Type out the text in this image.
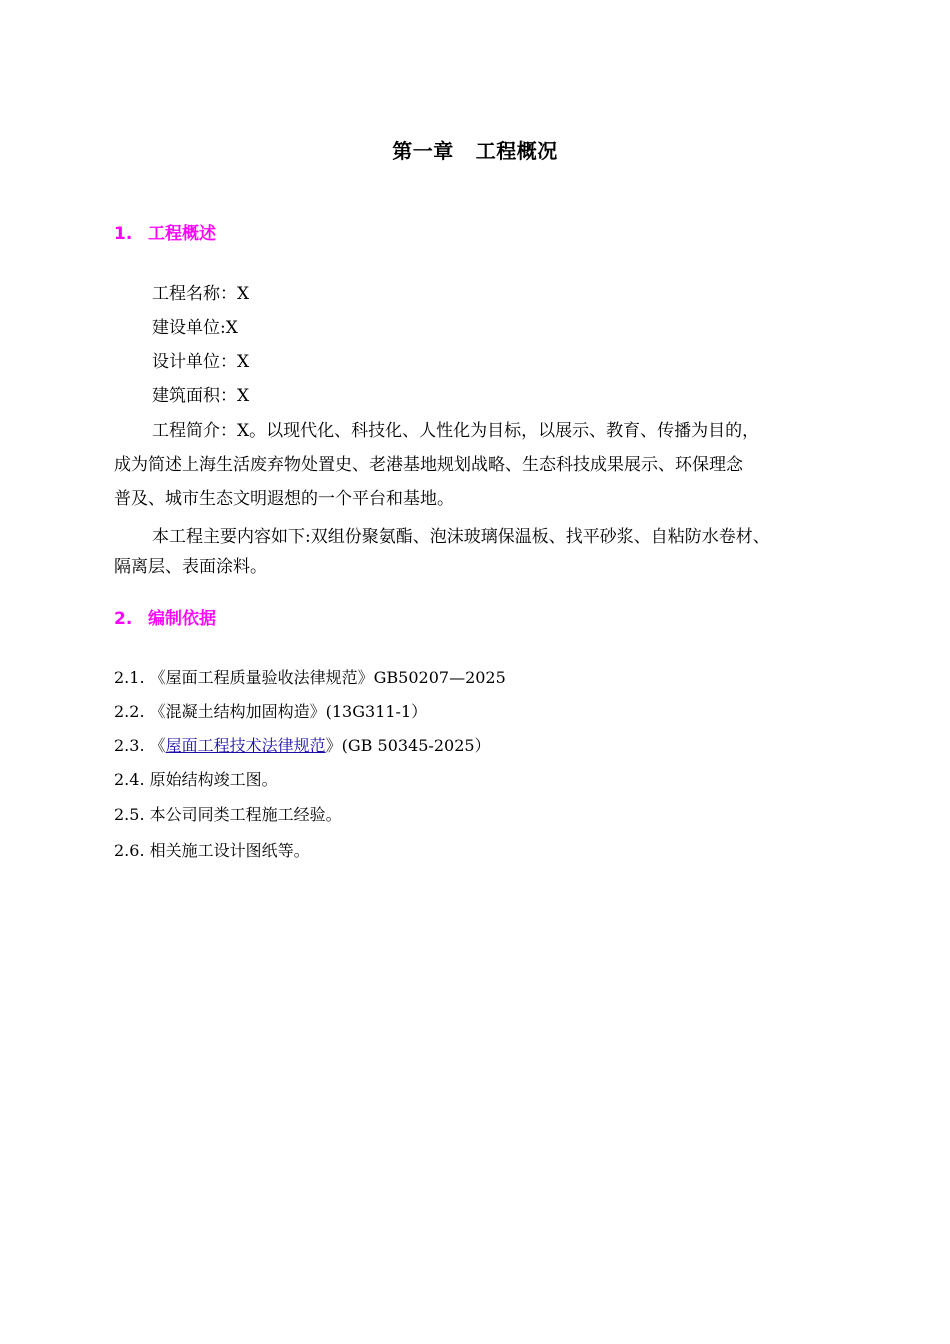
第一章 工程概况
1. 工程概述
工程名称：X
建设单位:X
设计单位：X
建筑面积：X
工程简介：X。以现代化、科技化、人性化为目标，以展示、教育、传播为目的，
成为简述上海生活废弃物处置史、老港基地规划战略、生态科技成果展示、环保理念
普及、城市生态文明遐想的一个平台和基地。
本工程主要内容如下:双组份聚氨酯、泡沫玻璃保温板、找平砂浆、自粘防水卷材、
隔离层、表面涂料。
2. 编制依据
2.1. 《屋面工程质量验收法律规范》GB50207—2025
2.2. 《混凝土结构加固构造》(13G311-1）
2.3. 《屋面工程技术法律规范》(GB 50345-2025）
2.4. 原始结构竣工图。
2.5. 本公司同类工程施工经验。
2.6. 相关施工设计图纸等。
